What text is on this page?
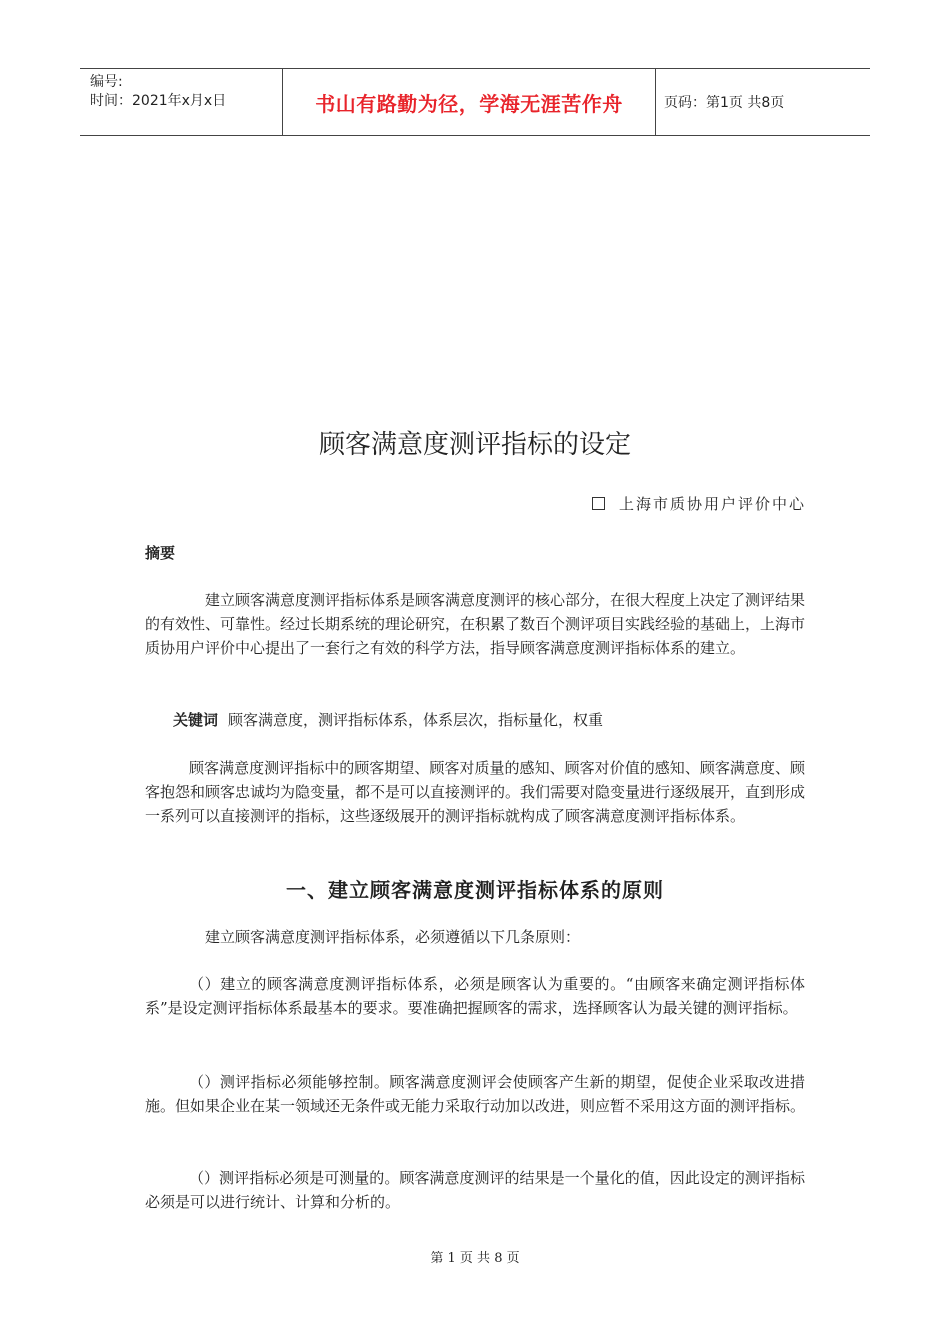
编号:
时间：2021年x月x日	书山有路勤为径，学海无涯苦作舟	页码：第1页 共8页
顾客满意度测评指标的设定
上海市质协用户评价中心
摘要

建立顾客满意度测评指标体系是顾客满意度测评的核心部分，在很大程度上决定了测评结果的有效性、可靠性。经过长期系统的理论研究，在积累了数百个测评项目实践经验的基础上，上海市质协用户评价中心提出了一套行之有效的科学方法，指导顾客满意度测评指标体系的建立。

关键词 顾客满意度，测评指标体系，体系层次，指标量化，权重

顾客满意度测评指标中的顾客期望、顾客对质量的感知、顾客对价值的感知、顾客满意度、顾客抱怨和顾客忠诚均为隐变量，都不是可以直接测评的。我们需要对隐变量进行逐级展开，直到形成一系列可以直接测评的指标，这些逐级展开的测评指标就构成了顾客满意度测评指标体系。

一、建立顾客满意度测评指标体系的原则

建立顾客满意度测评指标体系，必须遵循以下几条原则：

（）建立的顾客满意度测评指标体系，必须是顾客认为重要的。“由顾客来确定测评指标体系”是设定测评指标体系最基本的要求。要准确把握顾客的需求，选择顾客认为最关键的测评指标。

（）测评指标必须能够控制。顾客满意度测评会使顾客产生新的期望，促使企业采取改进措施。但如果企业在某一领域还无条件或无能力采取行动加以改进，则应暂不采用这方面的测评指标。

（）测评指标必须是可测量的。顾客满意度测评的结果是一个量化的值，因此设定的测评指标必须是可以进行统计、计算和分析的。

第 1 页 共 8 页
